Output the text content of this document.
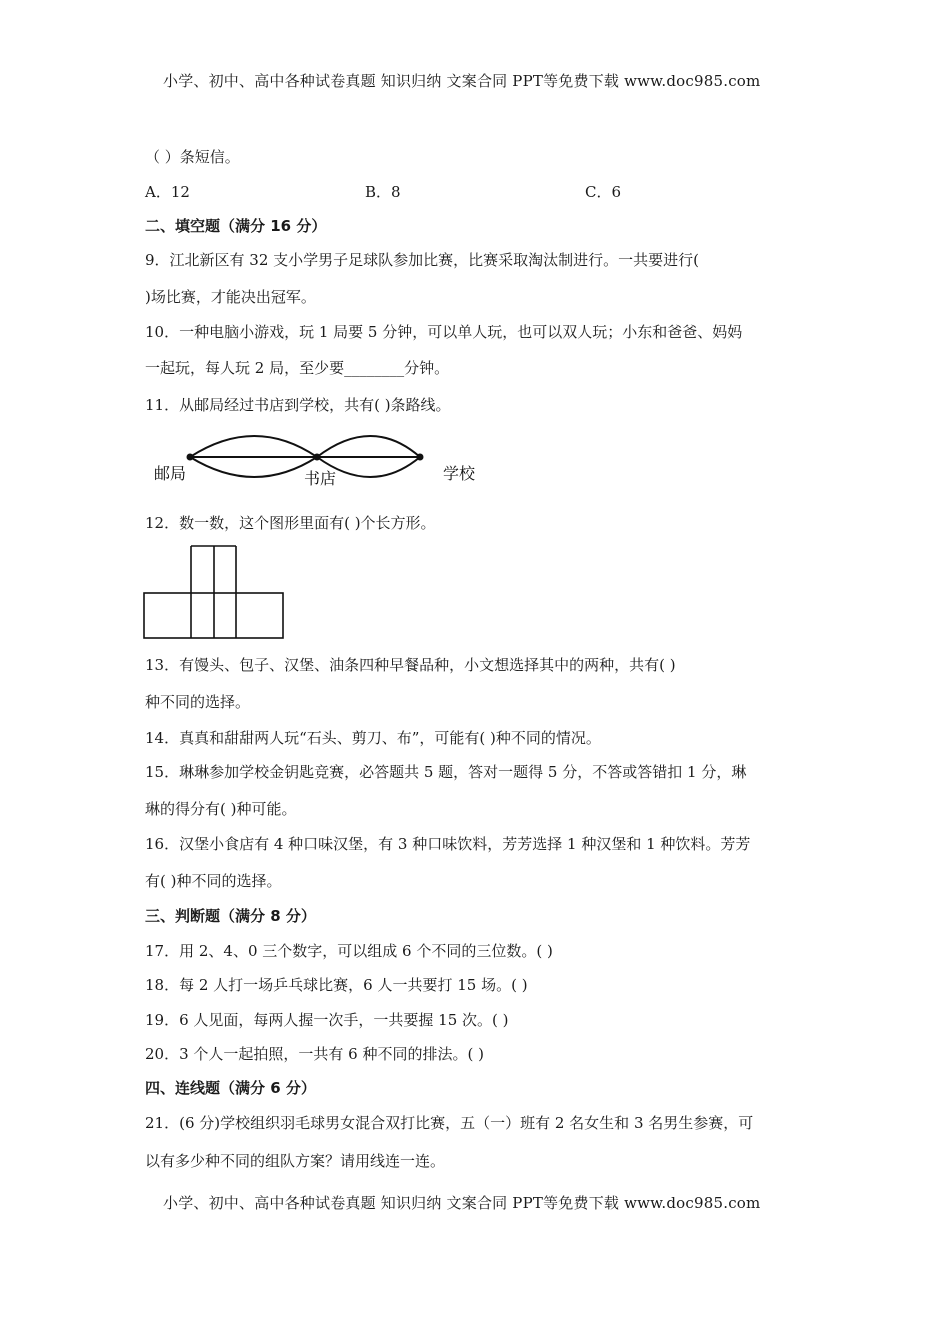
小学、初中、高中各种试卷真题 知识归纳 文案合同 PPT等免费下载 www.doc985.com
（ ）条短信。
A．12	B．8	C．6
二、填空题（满分 16 分）
9．江北新区有 32 支小学男子足球队参加比赛，比赛采取淘汰制进行。一共要进行(
)场比赛，才能决出冠军。
10．一种电脑小游戏，玩 1 局要 5 分钟，可以单人玩，也可以双人玩；小东和爸爸、妈妈
一起玩，每人玩 2 局，至少要________分钟。
11．从邮局经过书店到学校，共有( )条路线。
邮局	书店	学校
12．数一数，这个图形里面有( )个长方形。
13．有馒头、包子、汉堡、油条四种早餐品种，小文想选择其中的两种，共有( )
种不同的选择。
14．真真和甜甜两人玩“石头、剪刀、布”，可能有( )种不同的情况。
15．琳琳参加学校金钥匙竞赛，必答题共 5 题，答对一题得 5 分，不答或答错扣 1 分，琳
琳的得分有( )种可能。
16．汉堡小食店有 4 种口味汉堡，有 3 种口味饮料，芳芳选择 1 种汉堡和 1 种饮料。芳芳
有( )种不同的选择。
三、判断题（满分 8 分）
17．用 2、4、0 三个数字，可以组成 6 个不同的三位数。( )
18．每 2 人打一场乒乓球比赛，6 人一共要打 15 场。( )
19．6 人见面，每两人握一次手，一共要握 15 次。( )
20．3 个人一起拍照，一共有 6 种不同的排法。( )
四、连线题（满分 6 分）
21．(6 分)学校组织羽毛球男女混合双打比赛，五（一）班有 2 名女生和 3 名男生参赛，可
以有多少种不同的组队方案？请用线连一连。
小学、初中、高中各种试卷真题 知识归纳 文案合同 PPT等免费下载 www.doc985.com
